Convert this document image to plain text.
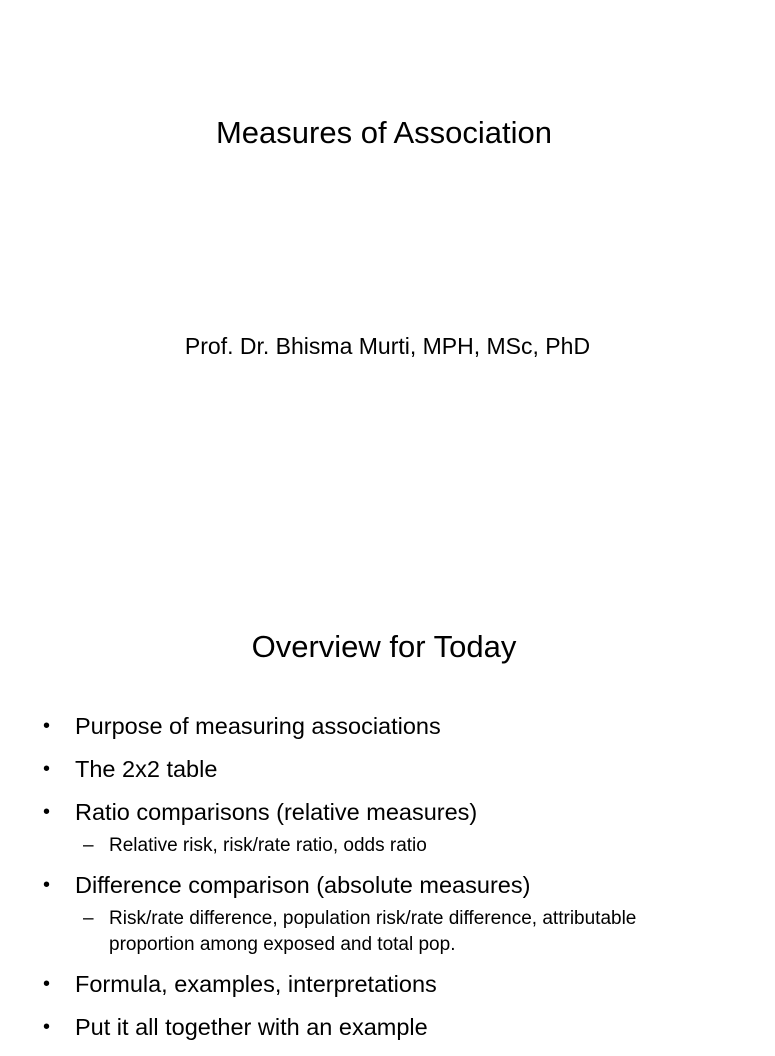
Measures of Association
Prof. Dr. Bhisma Murti, MPH, MSc, PhD
Overview for Today
• Purpose of measuring associations
• The 2x2 table
• Ratio comparisons (relative measures)
– Relative risk, risk/rate ratio, odds ratio
• Difference comparison (absolute measures)
– Risk/rate difference, population risk/rate difference, attributable proportion among exposed and total pop.
• Formula, examples, interpretations
• Put it all together with an example
